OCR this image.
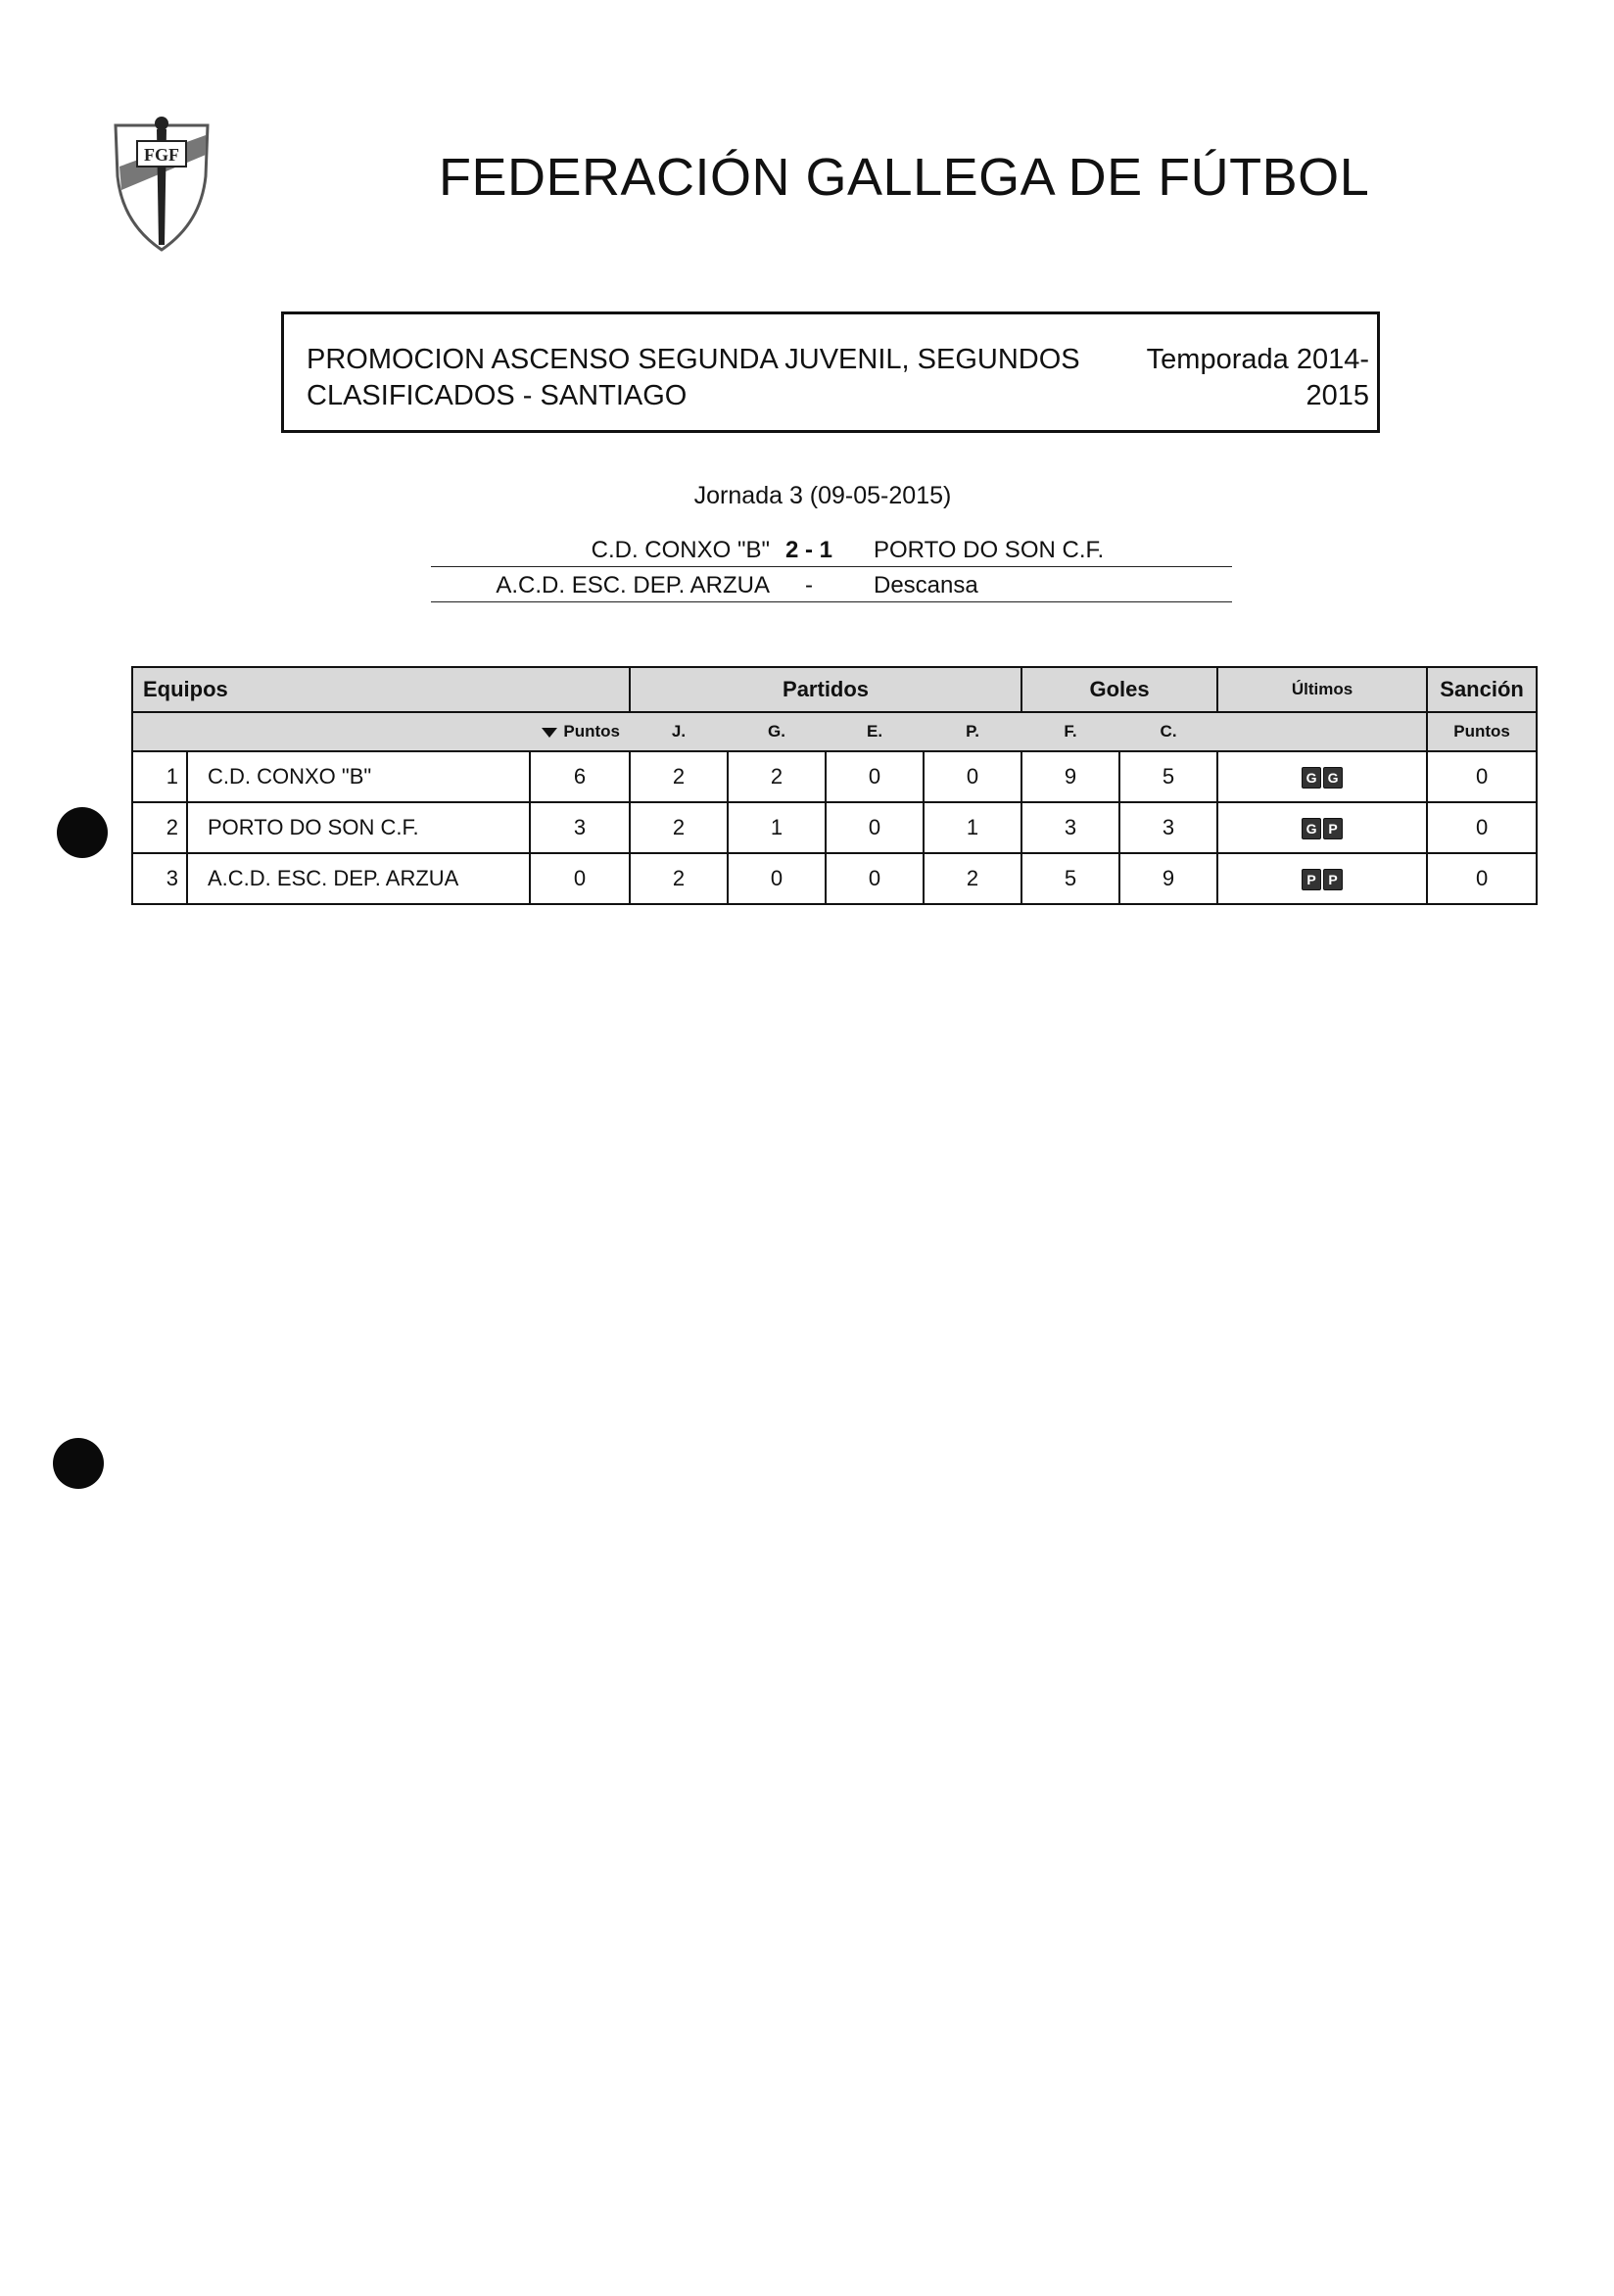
FGF	FEDERACIÓN GALLEGA DE FÚTBOL
PROMOCION ASCENSO SEGUNDA JUVENIL, SEGUNDOS
CLASIFICADOS - SANTIAGO
Temporada 2014-
2015
Jornada 3 (09-05-2015)
C.D. CONXO "B" 2 - 1 PORTO DO SON C.F.
A.C.D. ESC. DEP. ARZUA	-	Descansa
Equipos			Partidos				Goles		Últimos	Sanción
Puntos			J.	G.	E.	P.	F.	C.		Puntos
1	C.D. CONXO "B"	6	2	2	0	0	9	5	G G	0
2	PORTO DO SON C.F.	3	2	1	0	1	3	3	G P	0
3	A.C.D. ESC. DEP. ARZUA	0	2	0	0	2	5	9	P P	0
